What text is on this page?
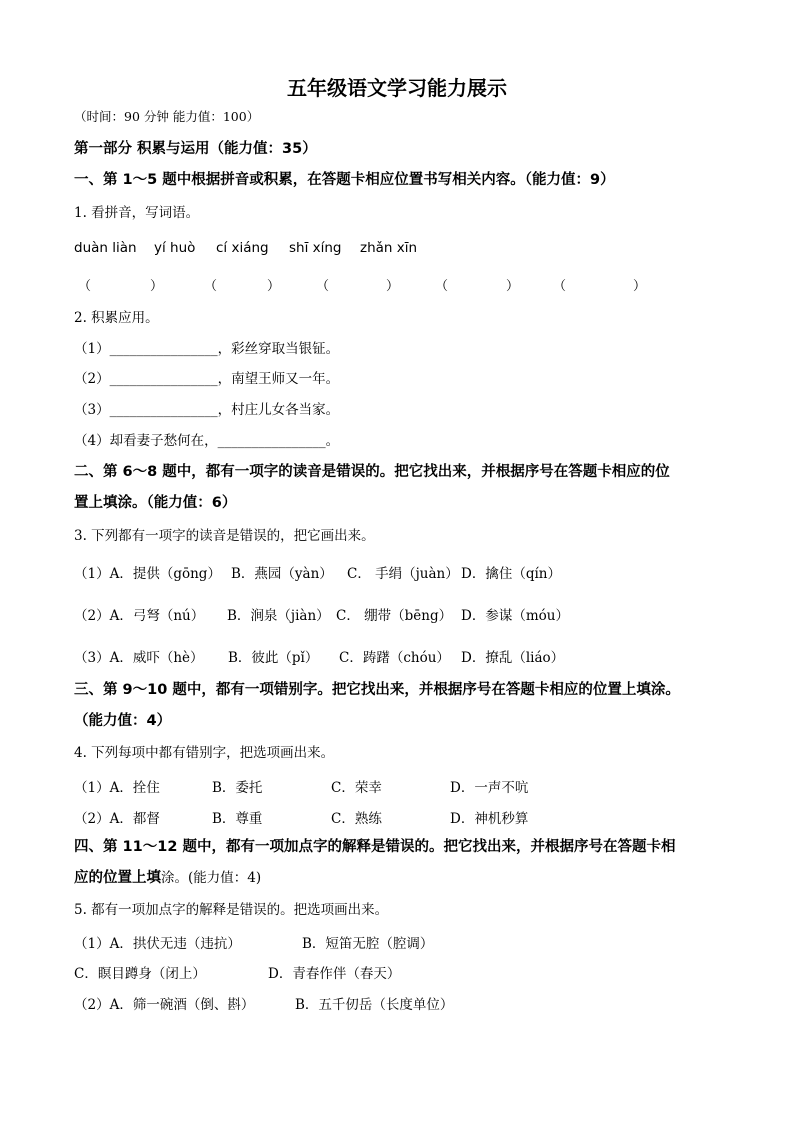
五年级语文学习能力展示
（时间：90 分钟 能力值：100）
第一部分 积累与运用（能力值：35）
一、第 1～5 题中根据拼音或积累，在答题卡相应位置书写相关内容。（能力值：9）
1. 看拼音，写词语。
duàn liàn yí huò cí xiáng shī xíng zhǎn xīn
（	）	（	）	（	）	（	）	（	）
2. 积累应用。
（1）________________，彩丝穿取当银钲。
（2）________________，南望王师又一年。
（3）________________，村庄儿女各当家。
（4）却看妻子愁何在，________________。
二、第 6～8 题中，都有一项字的读音是错误的。把它找出来，并根据序号在答题卡相应的位
置上填涂。（能力值：6）
3. 下列都有一项字的读音是错误的，把它画出来。
（1）A．提供（gōng） B．燕园（yàn） C． 手绢（juàn） D．擒住（qín）
（2）A．弓弩（nú） B．涧泉（jiàn） C． 绷带（bēng） D．参谋（móu）
（3）A．威吓（hè） B．彼此（pǐ） C．踌躇（chóu） D．撩乱（liáo）
三、第 9～10 题中，都有一项错别字。把它找出来，并根据序号在答题卡相应的位置上填涂。
（能力值：4）
4. 下列每项中都有错别字，把选项画出来。
（1）A．拴住	B．委托	C．荣幸	D．一声不吭
（2）A．都督	B．尊重	C．熟练	D．神机秒算
四、第 11～12 题中，都有一项加点字的解释是错误的。把它找出来，并根据序号在答题卡相
应的位置上填涂。(能力值：4)
5. 都有一项加点字的解释是错误的。把选项画出来。
（1）A．拱伏无违（违抗）	B．短笛无腔（腔调）
C．瞑目蹲身（闭上）	D．青春作伴（春天）
（2）A．筛一碗酒（倒、斟）	B．五千仞岳（长度单位）
